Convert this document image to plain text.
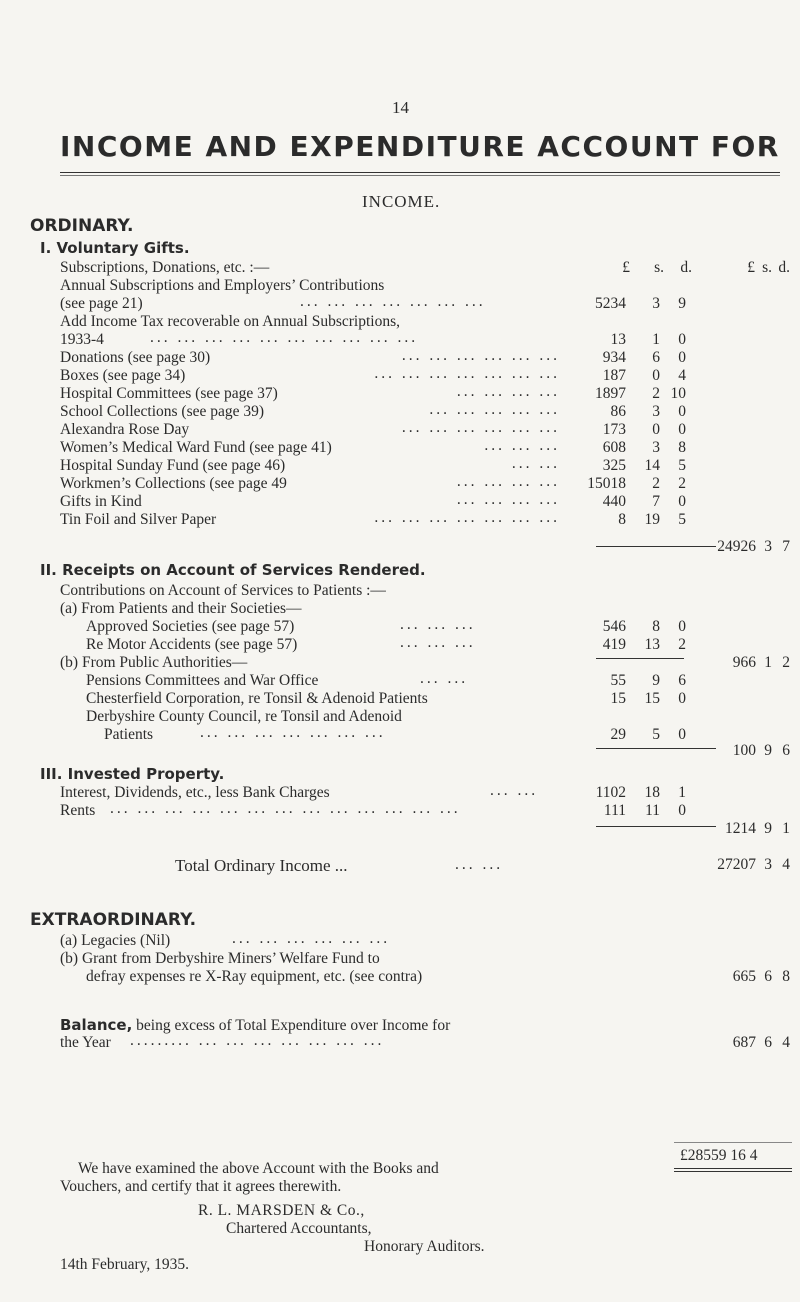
14
INCOME AND EXPENDITURE ACCOUNT FOR
INCOME.
ORDINARY.
I. Voluntary Gifts.
Subscriptions, Donations, etc. :—	£	s.	d.	£ s. d.
Annual Subscriptions and Employers’ Contributions
(see page 21)	... ... ... ... ... ... ...	5234	3	9
Add Income Tax recoverable on Annual Subscriptions,
1933-4	... ... ... ... ... ... ... ... ... ...	13	1	0
Donations (see page 30)	... ... ... ... ... ...	934	6	0
Boxes (see page 34)	... ... ... ... ... ... ...	187	0	4
Hospital Committees (see page 37)	... ... ... ...	1897	2 10
School Collections (see page 39)	... ... ... ... ...	86	3	0
Alexandra Rose Day	... ... ... ... ... ...	173	0	0
Women’s Medical Ward Fund (see page 41)	... ... ...	608	3	8
Hospital Sunday Fund (see page 46)	... ...	325	14	5
Workmen’s Collections (see page 49	... ... ... ...	15018	2	2
Gifts in Kind	... ... ... ...	440	7	0
Tin Foil and Silver Paper	... ... ... ... ... ... ...	8	19	5
24926 3 7
II. Receipts on Account of Services Rendered.
Contributions on Account of Services to Patients :—
(a) From Patients and their Societies—
Approved Societies (see page 57)	... ... ...	546	8	0
Re Motor Accidents (see page 57)	... ... ...	419	13	2
(b) From Public Authorities—	966 1 2
Pensions Committees and War Office	... ...	55	9	6
Chesterfield Corporation, re Tonsil & Adenoid Patients	15	15	0
Derbyshire County Council, re Tonsil and Adenoid
Patients	... ... ... ... ... ... ...	29	5	0
100 9 6
III. Invested Property.
Interest, Dividends, etc., less Bank Charges	... ...	1102	18	1
Rents ... ... ... ... ... ... ... ... ... ... ... ... ...	111	11	0
1214 9 1
Total Ordinary Income ...	... ...	27207 3 4
EXTRAORDINARY.
(a) Legacies (Nil)	... ... ... ... ... ...
(b) Grant from Derbyshire Miners’ Welfare Fund to
defray expenses re X-Ray equipment, etc. (see contra)	665 6 8
Balance, being excess of Total Expenditure over Income for
the Year ......... ... ... ... ... ... ... ...	687 6 4
We have examined the above Account with the Books and
Vouchers, and certify that it agrees therewith.
R. L. MARSDEN & Co.,
Chartered Accountants,
Honorary Auditors.
14th February, 1935.
£28559 16 4
